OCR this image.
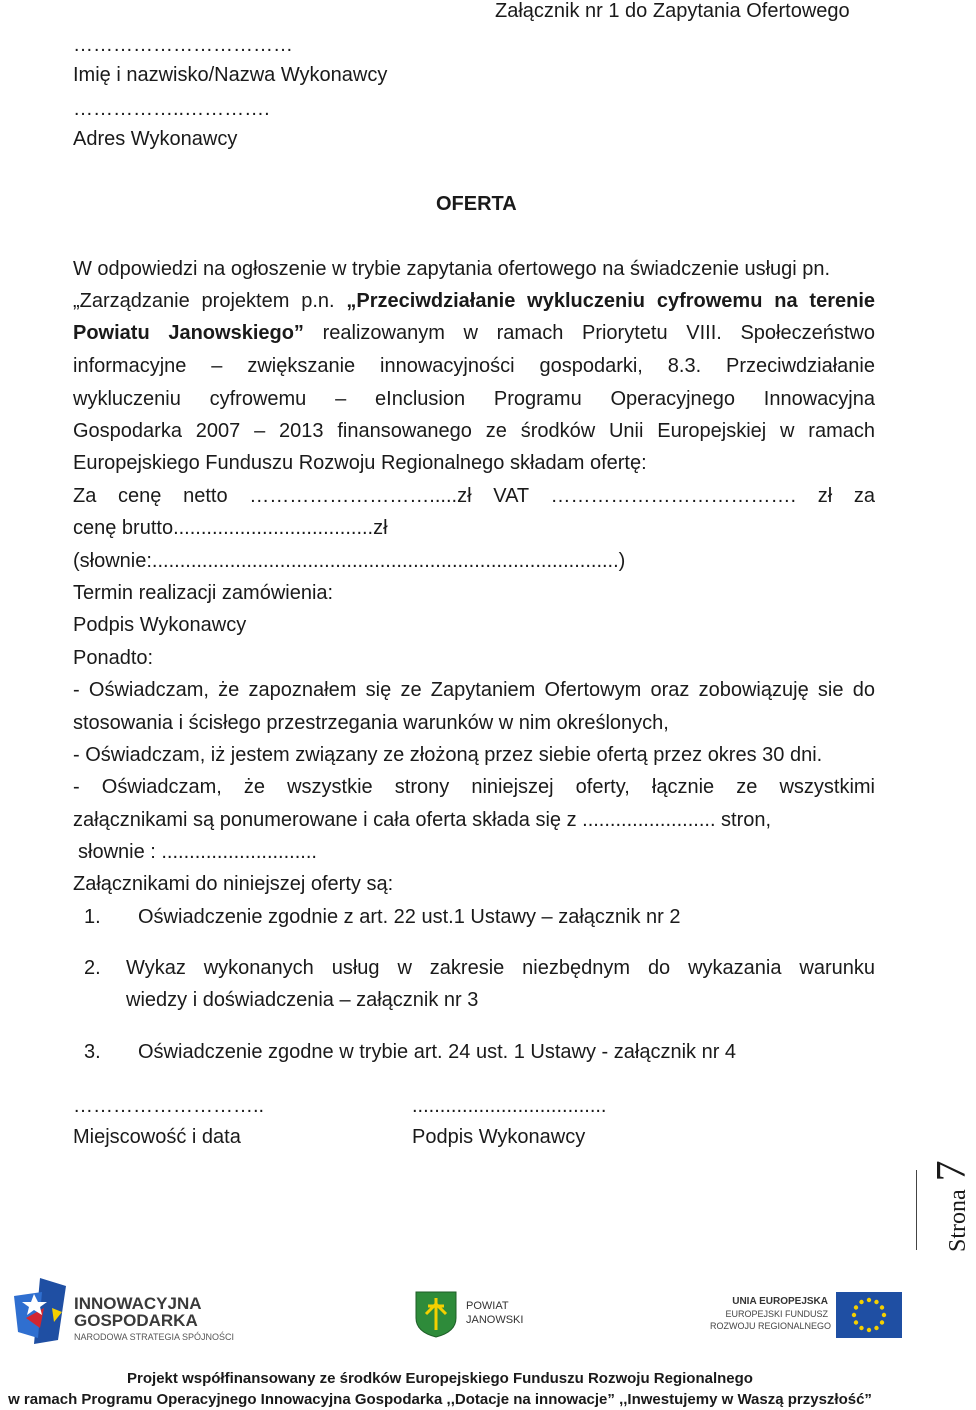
Załącznik nr 1 do Zapytania Ofertowego
……………………………
Imię i nazwisko/Nazwa Wykonawcy
……………..………….
Adres Wykonawcy
OFERTA
W odpowiedzi na ogłoszenie w trybie zapytania ofertowego na świadczenie usługi pn.
„Zarządzanie projektem p.n. „Przeciwdziałanie wykluczeniu cyfrowemu na terenie
Powiatu Janowskiego” realizowanym w ramach Priorytetu VIII. Społeczeństwo
informacyjne – zwiększanie innowacyjności gospodarki, 8.3. Przeciwdziałanie
wykluczeniu cyfrowemu – eInclusion Programu Operacyjnego Innowacyjna
Gospodarka 2007 – 2013 finansowanego ze środków Unii Europejskiej w ramach
Europejskiego Funduszu Rozwoju Regionalnego składam ofertę:
Za cenę netto ……………………….....zł VAT ………………………………. zł za
cenę brutto....................................zł
(słownie:....................................................................................)
Termin realizacji zamówienia:
Podpis Wykonawcy
Ponadto:
- Oświadczam, że zapoznałem się ze Zapytaniem Ofertowym oraz zobowiązuję sie do
stosowania i ścisłego przestrzegania warunków w nim określonych,
- Oświadczam, iż jestem związany ze złożoną przez siebie ofertą przez okres 30 dni.
- Oświadczam, że wszystkie strony niniejszej oferty, łącznie ze wszystkimi
załącznikami są ponumerowane i cała oferta składa się z ........................ stron,
słownie : ............................
Załącznikami do niniejszej oferty są:
1. Oświadczenie zgodnie z art. 22 ust.1 Ustawy – załącznik nr 2
2. Wykaz wykonanych usług w zakresie niezbędnym do wykazania warunku
wiedzy i doświadczenia – załącznik nr 3
3. Oświadczenie zgodne w trybie art. 24 ust. 1 Ustawy - załącznik nr 4
………………………..
Miejscowość i data
...................................
Podpis Wykonawcy
Strona 7
INNOWACYJNA
GOSPODARKA
NARODOWA STRATEGIA SPÓJNOŚCI
POWIAT
JANOWSKI
UNIA EUROPEJSKA
EUROPEJSKI FUNDUSZ
ROZWOJU REGIONALNEGO
Projekt współfinansowany ze środków Europejskiego Funduszu Rozwoju Regionalnego
w ramach Programu Operacyjnego Innowacyjna Gospodarka ,,Dotacje na innowacje” ,,Inwestujemy w Waszą przyszłość”
